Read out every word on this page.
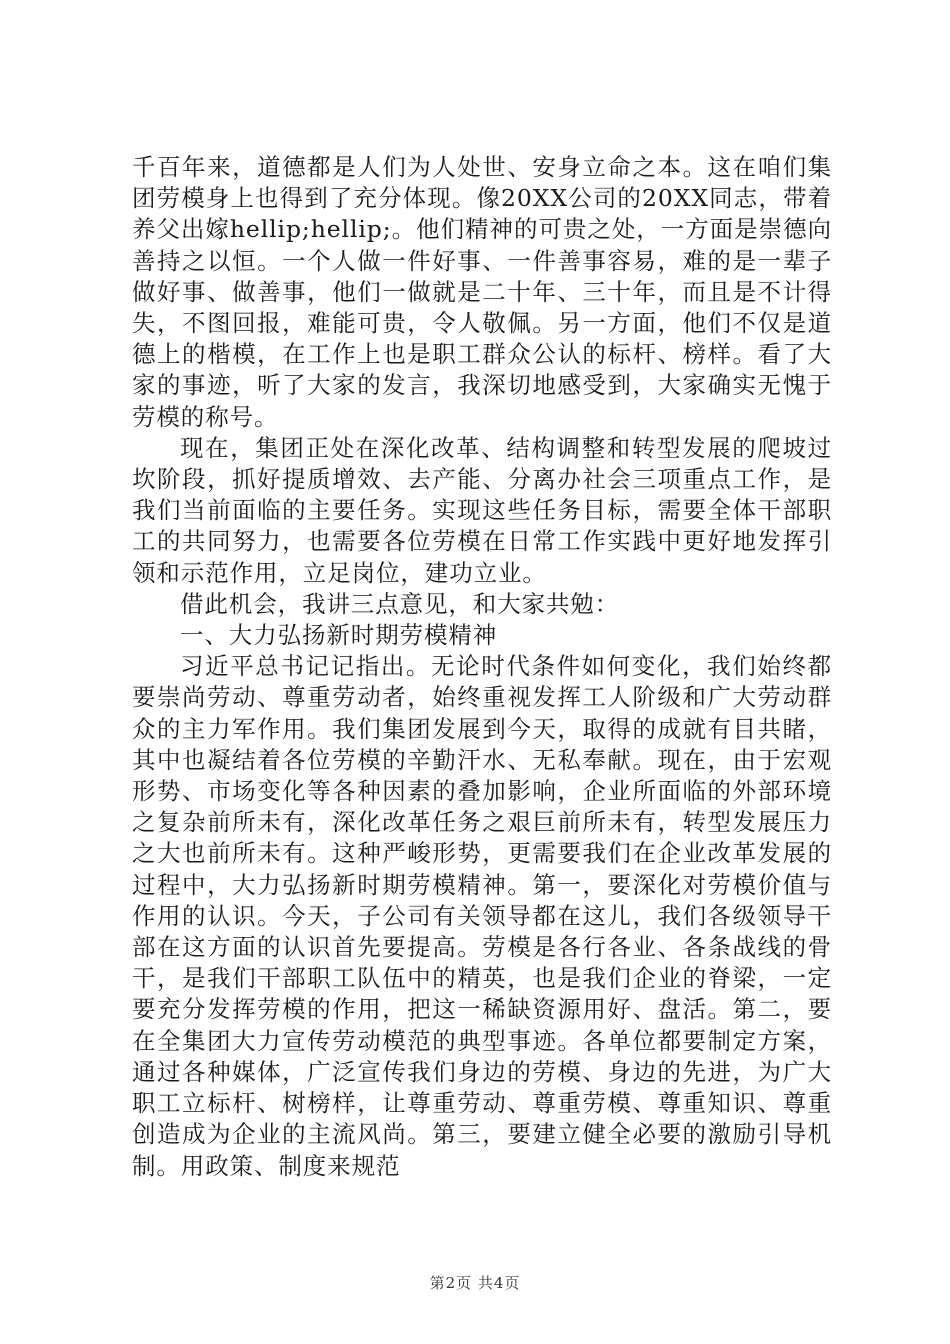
千百年来，道德都是人们为人处世、安身立命之本。这在咱们集团劳模身上也得到了充分体现。像20XX公司的20XX同志，带着养父出嫁hellip;hellip;。他们精神的可贵之处，一方面是崇德向善持之以恒。一个人做一件好事、一件善事容易，难的是一辈子做好事、做善事，他们一做就是二十年、三十年，而且是不计得失，不图回报，难能可贵，令人敬佩。另一方面，他们不仅是道德上的楷模，在工作上也是职工群众公认的标杆、榜样。看了大家的事迹，听了大家的发言，我深切地感受到，大家确实无愧于劳模的称号。

现在，集团正处在深化改革、结构调整和转型发展的爬坡过坎阶段，抓好提质增效、去产能、分离办社会三项重点工作，是我们当前面临的主要任务。实现这些任务目标，需要全体干部职工的共同努力，也需要各位劳模在日常工作实践中更好地发挥引领和示范作用，立足岗位，建功立业。

借此机会，我讲三点意见，和大家共勉：

一、大力弘扬新时期劳模精神

习近平总书记记指出。无论时代条件如何变化，我们始终都要崇尚劳动、尊重劳动者，始终重视发挥工人阶级和广大劳动群众的主力军作用。我们集团发展到今天，取得的成就有目共睹，其中也凝结着各位劳模的辛勤汗水、无私奉献。现在，由于宏观形势、市场变化等各种因素的叠加影响，企业所面临的外部环境之复杂前所未有，深化改革任务之艰巨前所未有，转型发展压力之大也前所未有。这种严峻形势，更需要我们在企业改革发展的过程中，大力弘扬新时期劳模精神。第一，要深化对劳模价值与作用的认识。今天，子公司有关领导都在这儿，我们各级领导干部在这方面的认识首先要提高。劳模是各行各业、各条战线的骨干，是我们干部职工队伍中的精英，也是我们企业的脊梁，一定要充分发挥劳模的作用，把这一稀缺资源用好、盘活。第二，要在全集团大力宣传劳动模范的典型事迹。各单位都要制定方案，通过各种媒体，广泛宣传我们身边的劳模、身边的先进，为广大职工立标杆、树榜样，让尊重劳动、尊重劳模、尊重知识、尊重创造成为企业的主流风尚。第三，要建立健全必要的激励引导机制。用政策、制度来规范

第2页 共4页
